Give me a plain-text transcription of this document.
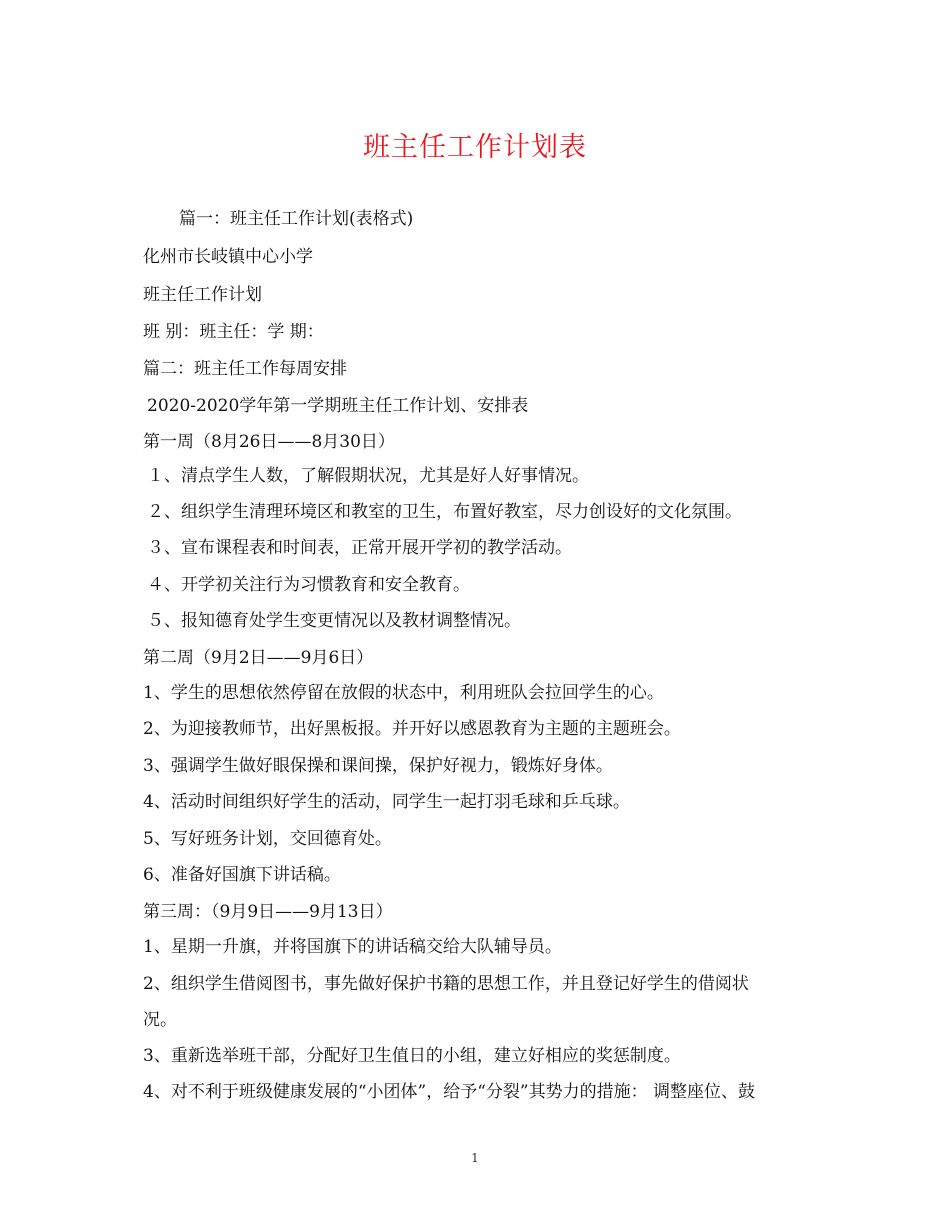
班主任工作计划表
篇一：班主任工作计划(表格式)
化州市长岐镇中心小学
班主任工作计划
班 别：班主任：学 期：
篇二：班主任工作每周安排
2020-2020学年第一学期班主任工作计划、安排表
第一周（8月26日——8月30日）
１、清点学生人数，了解假期状况，尤其是好人好事情况。
２、组织学生清理环境区和教室的卫生，布置好教室，尽力创设好的文化氛围。
３、宣布课程表和时间表，正常开展开学初的教学活动。
４、开学初关注行为习惯教育和安全教育。
５、报知德育处学生变更情况以及教材调整情况。
第二周（9月2日——9月6日）
1、学生的思想依然停留在放假的状态中，利用班队会拉回学生的心。
2、为迎接教师节，出好黑板报。并开好以感恩教育为主题的主题班会。
3、强调学生做好眼保操和课间操，保护好视力，锻炼好身体。
4、活动时间组织好学生的活动，同学生一起打羽毛球和乒乓球。
5、写好班务计划，交回德育处。
6、准备好国旗下讲话稿。
第三周：（9月9日——9月13日）
1、星期一升旗，并将国旗下的讲话稿交给大队辅导员。
2、组织学生借阅图书，事先做好保护书籍的思想工作，并且登记好学生的借阅状
况。
3、重新选举班干部，分配好卫生值日的小组，建立好相应的奖惩制度。
4、对不利于班级健康发展的“小团体”，给予“分裂”其势力的措施： 调整座位、鼓
1
